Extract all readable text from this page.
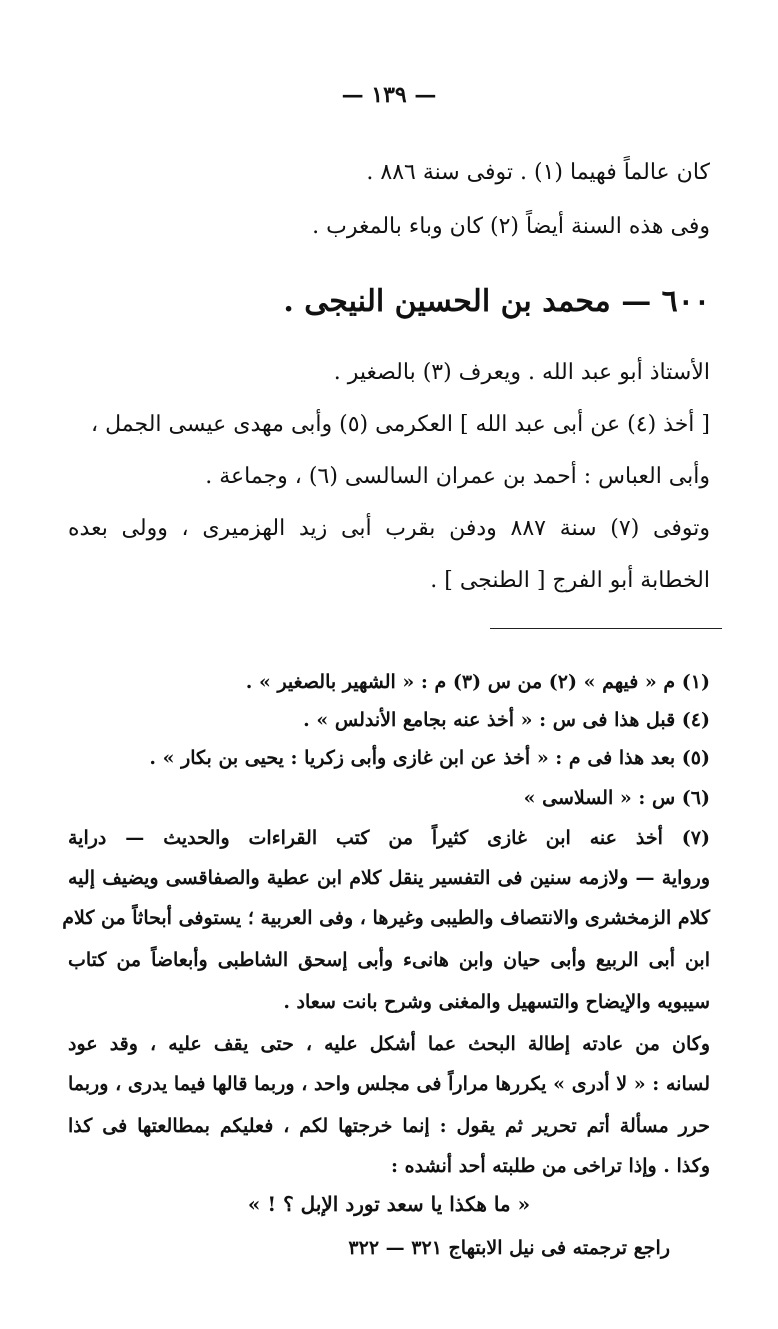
— ١٣٩ —
كان عالماً فهيما (١) . توفى سنة ٨٨٦ .
وفى هذه السنة أيضاً (٢) كان وباء بالمغرب .
٦٠٠ — محمد بن الحسين النيجى .
الأستاذ أبو عبد الله . ويعرف (٣) بالصغير .
[ أخذ (٤) عن أبى عبد الله ] العكرمى (٥) وأبى مهدى عيسى الجمل ،
وأبى العباس : أحمد بن عمران السالسى (٦) ، وجماعة .
وتوفى (٧) سنة ٨٨٧ ودفن بقرب أبى زيد الهزميرى ، وولى بعده
الخطابة أبو الفرج [ الطنجى ] .
(١) م « فيهم » (٢) من س (٣) م : « الشهير بالصغير » .
(٤) قبل هذا فى س : « أخذ عنه بجامع الأندلس » .
(٥) بعد هذا فى م : « أخذ عن ابن غازى وأبى زكريا : يحيى بن بكار » .
(٦) س : « السلاسى »
(٧) أخذ عنه ابن غازى كثيراً من كتب القراءات والحديث — دراية
ورواية — ولازمه سنين فى التفسير ينقل كلام ابن عطية والصفاقسى ويضيف إليه
كلام الزمخشرى والانتصاف والطيبى وغيرها ، وفى العربية ؛ يستوفى أبحاثاً من كلام
ابن أبى الربيع وأبى حيان وابن هانىء وأبى إسحق الشاطبى وأبعاضاً من كتاب
سيبويه والإيضاح والتسهيل والمغنى وشرح بانت سعاد .
وكان من عادته إطالة البحث عما أشكل عليه ، حتى يقف عليه ، وقد عود
لسانه : « لا أدرى » يكررها مراراً فى مجلس واحد ، وربما قالها فيما يدرى ، وربما
حرر مسألة أتم تحرير ثم يقول : إنما خرجتها لكم ، فعليكم بمطالعتها فى كذا
وكذا . وإذا تراخى من طلبته أحد أنشده :
« ما هكذا يا سعد تورد الإبل ؟ ! »
راجع ترجمته فى نيل الابتهاج ٣٢١ — ٣٢٢
